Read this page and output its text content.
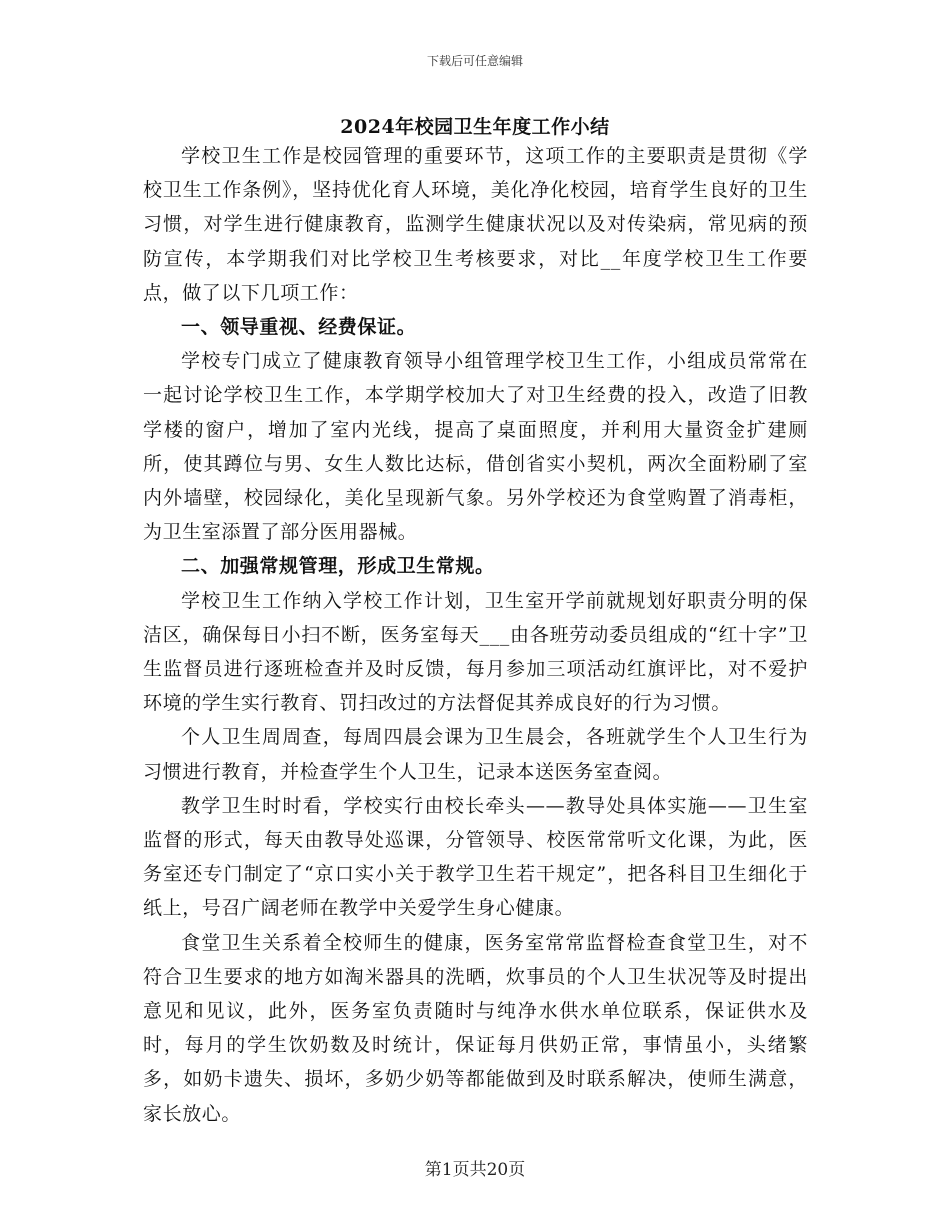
下载后可任意编辑
2024年校园卫生年度工作小结

学校卫生工作是校园管理的重要环节，这项工作的主要职责是贯彻《学校卫生工作条例》，坚持优化育人环境，美化净化校园，培育学生良好的卫生习惯，对学生进行健康教育，监测学生健康状况以及对传染病，常见病的预防宣传，本学期我们对比学校卫生考核要求，对比__年度学校卫生工作要点，做了以下几项工作：

一、领导重视、经费保证。

学校专门成立了健康教育领导小组管理学校卫生工作，小组成员常常在一起讨论学校卫生工作，本学期学校加大了对卫生经费的投入，改造了旧教学楼的窗户，增加了室内光线，提高了桌面照度，并利用大量资金扩建厕所，使其蹲位与男、女生人数比达标，借创省实小契机，两次全面粉刷了室内外墙壁，校园绿化，美化呈现新气象。另外学校还为食堂购置了消毒柜，为卫生室添置了部分医用器械。

二、加强常规管理，形成卫生常规。

学校卫生工作纳入学校工作计划，卫生室开学前就规划好职责分明的保洁区，确保每日小扫不断，医务室每天___由各班劳动委员组成的“红十字”卫生监督员进行逐班检查并及时反馈，每月参加三项活动红旗评比，对不爱护环境的学生实行教育、罚扫改过的方法督促其养成良好的行为习惯。

个人卫生周周查，每周四晨会课为卫生晨会，各班就学生个人卫生行为习惯进行教育，并检查学生个人卫生，记录本送医务室查阅。

教学卫生时时看，学校实行由校长牵头——教导处具体实施——卫生室监督的形式，每天由教导处巡课，分管领导、校医常常听文化课，为此，医务室还专门制定了“京口实小关于教学卫生若干规定”，把各科目卫生细化于纸上，号召广阔老师在教学中关爱学生身心健康。

食堂卫生关系着全校师生的健康，医务室常常监督检查食堂卫生，对不符合卫生要求的地方如淘米器具的洗晒，炊事员的个人卫生状况等及时提出意见和见议，此外，医务室负责随时与纯净水供水单位联系，保证供水及时，每月的学生饮奶数及时统计，保证每月供奶正常，事情虽小，头绪繁多，如奶卡遗失、损坏，多奶少奶等都能做到及时联系解决，使师生满意，家长放心。

第1页共20页
